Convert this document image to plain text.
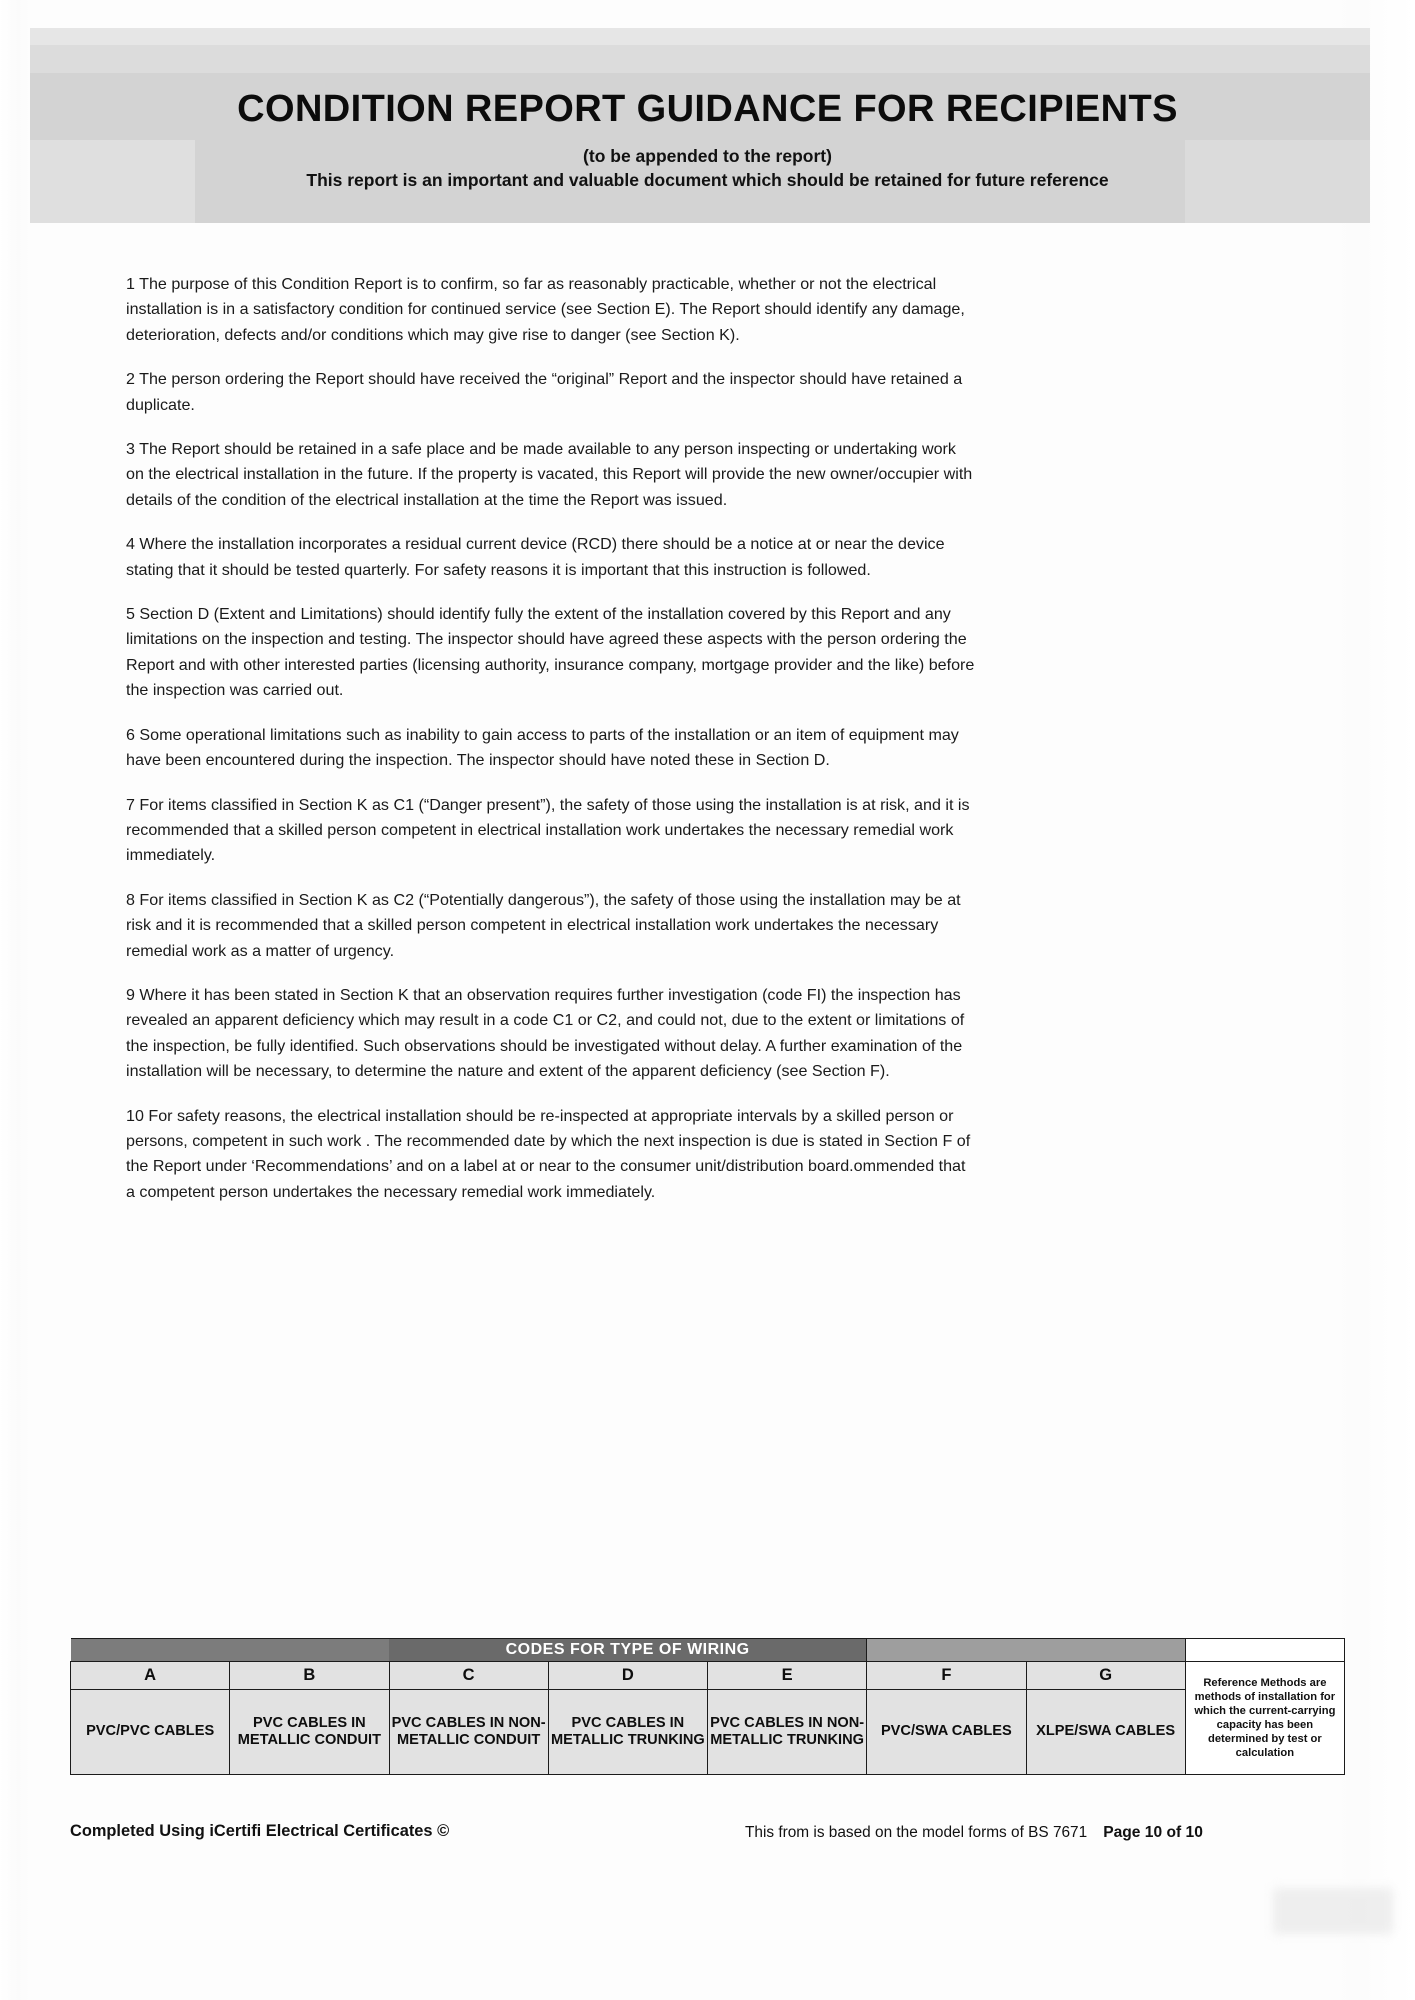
CONDITION REPORT GUIDANCE FOR RECIPIENTS
(to be appended to the report)
This report is an important and valuable document which should be retained for future reference

1 The purpose of this Condition Report is to confirm, so far as reasonably practicable, whether or not the electrical installation is in a satisfactory condition for continued service (see Section E). The Report should identify any damage, deterioration, defects and/or conditions which may give rise to danger (see Section K).

2 The person ordering the Report should have received the “original” Report and the inspector should have retained a duplicate.

3 The Report should be retained in a safe place and be made available to any person inspecting or undertaking work on the electrical installation in the future. If the property is vacated, this Report will provide the new owner/occupier with details of the condition of the electrical installation at the time the Report was issued.

4 Where the installation incorporates a residual current device (RCD) there should be a notice at or near the device stating that it should be tested quarterly. For safety reasons it is important that this instruction is followed.

5 Section D (Extent and Limitations) should identify fully the extent of the installation covered by this Report and any limitations on the inspection and testing. The inspector should have agreed these aspects with the person ordering the Report and with other interested parties (licensing authority, insurance company, mortgage provider and the like) before the inspection was carried out.

6 Some operational limitations such as inability to gain access to parts of the installation or an item of equipment may have been encountered during the inspection. The inspector should have noted these in Section D.

7 For items classified in Section K as C1 (“Danger present”), the safety of those using the installation is at risk, and it is recommended that a skilled person competent in electrical installation work undertakes the necessary remedial work immediately.

8 For items classified in Section K as C2 (“Potentially dangerous”), the safety of those using the installation may be at risk and it is recommended that a skilled person competent in electrical installation work undertakes the necessary remedial work as a matter of urgency.

9 Where it has been stated in Section K that an observation requires further investigation (code FI) the inspection has revealed an apparent deficiency which may result in a code C1 or C2, and could not, due to the extent or limitations of the inspection, be fully identified. Such observations should be investigated without delay. A further examination of the installation will be necessary, to determine the nature and extent of the apparent deficiency (see Section F).

10 For safety reasons, the electrical installation should be re-inspected at appropriate intervals by a skilled person or persons, competent in such work . The recommended date by which the next inspection is due is stated in Section F of the Report under ‘Recommendations’ and on a label at or near to the consumer unit/distribution board.ommended that a competent person undertakes the necessary remedial work immediately.

		CODES FOR TYPE OF WIRING					
A	B	C	D	E	F	G	Reference Methods are methods of installation for which the current-carrying capacity has been determined by test or calculation
PVC/PVC CABLES	PVC CABLES IN METALLIC CONDUIT	PVC CABLES IN NON-METALLIC CONDUIT	PVC CABLES IN METALLIC TRUNKING	PVC CABLES IN NON-METALLIC TRUNKING	PVC/SWA CABLES	XLPE/SWA CABLES	
Completed Using iCertifi Electrical Certificates ©	This from is based on the model forms of BS 7671 Page 10 of 10
